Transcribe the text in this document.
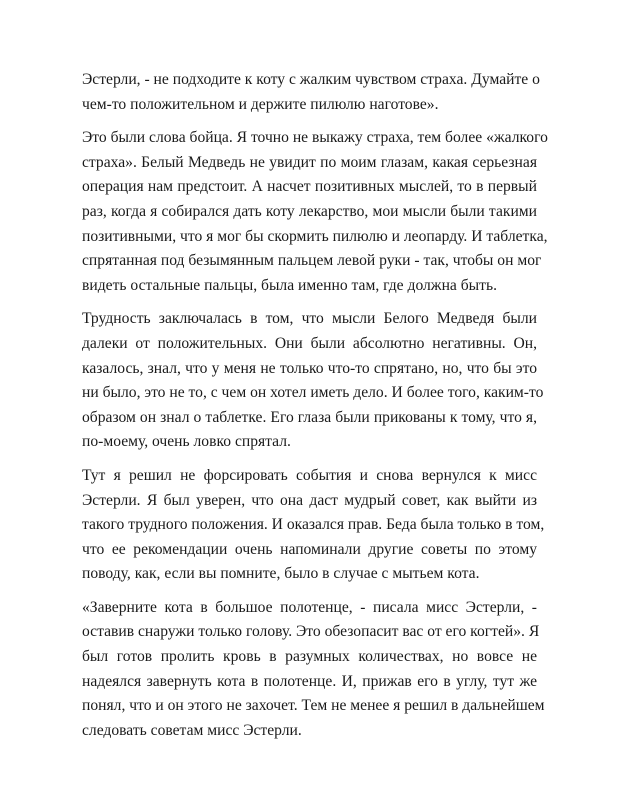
Эстерли, - не подходите к коту с жалким чувством страха. Думайте о
чем-то положительном и держите пилюлю наготове».
Это были слова бойца. Я точно не выкажу страха, тем более «жалкого
страха». Белый Медведь не увидит по моим глазам, какая серьезная
операция нам предстоит. А насчет позитивных мыслей, то в первый
раз, когда я собирался дать коту лекарство, мои мысли были такими
позитивными, что я мог бы скормить пилюлю и леопарду. И таблетка,
спрятанная под безымянным пальцем левой руки - так, чтобы он мог
видеть остальные пальцы, была именно там, где должна быть.
Трудность заключалась в том, что мысли Белого Медведя были
далеки от положительных. Они были абсолютно негативны. Он,
казалось, знал, что у меня не только что-то спрятано, но, что бы это
ни было, это не то, с чем он хотел иметь дело. И более того, каким-то
образом он знал о таблетке. Его глаза были прикованы к тому, что я,
по-моему, очень ловко спрятал.
Тут я решил не форсировать события и снова вернулся к мисс
Эстерли. Я был уверен, что она даст мудрый совет, как выйти из
такого трудного положения. И оказался прав. Беда была только в том,
что ее рекомендации очень напоминали другие советы по этому
поводу, как, если вы помните, было в случае с мытьем кота.
«Заверните кота в большое полотенце, - писала мисс Эстерли, -
оставив снаружи только голову. Это обезопасит вас от его когтей». Я
был готов пролить кровь в разумных количествах, но вовсе не
надеялся завернуть кота в полотенце. И, прижав его в углу, тут же
понял, что и он этого не захочет. Тем не менее я решил в дальнейшем
следовать советам мисс Эстерли.
